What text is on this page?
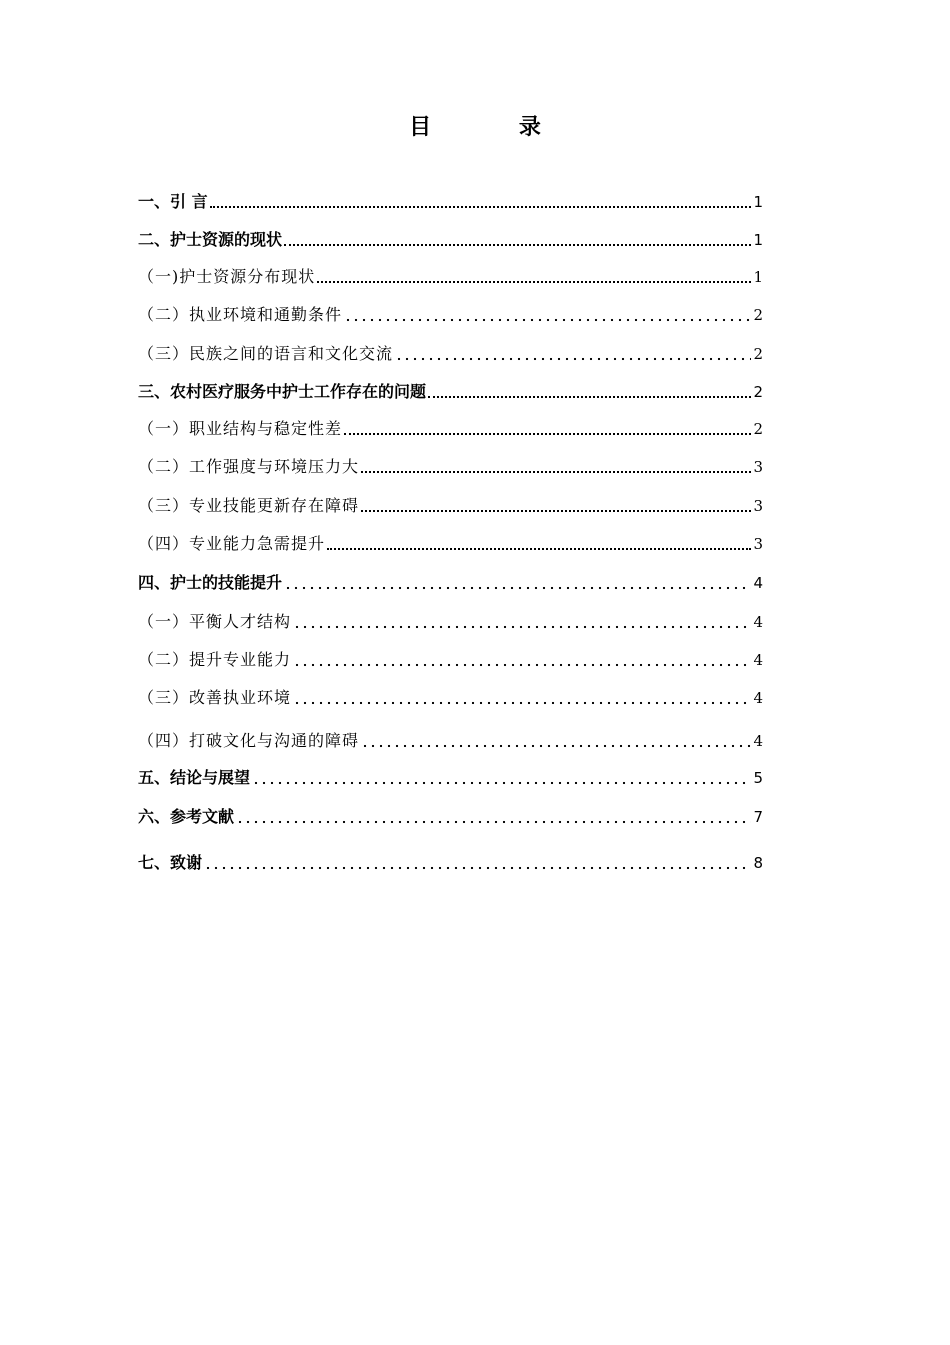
目 录
一、引 言	1
二、护士资源的现状	1
（一)护士资源分布现状	1
（二）执业环境和通勤条件	2
（三）民族之间的语言和文化交流	2
三、农村医疗服务中护士工作存在的问题	2
（一）职业结构与稳定性差	2
（二）工作强度与环境压力大	3
（三）专业技能更新存在障碍	3
（四）专业能力急需提升	3
四、护士的技能提升	4
（一）平衡人才结构	4
（二）提升专业能力	4
（三）改善执业环境	4
（四）打破文化与沟通的障碍	4
五、结论与展望	5
六、参考文献	7
七、致谢	8
